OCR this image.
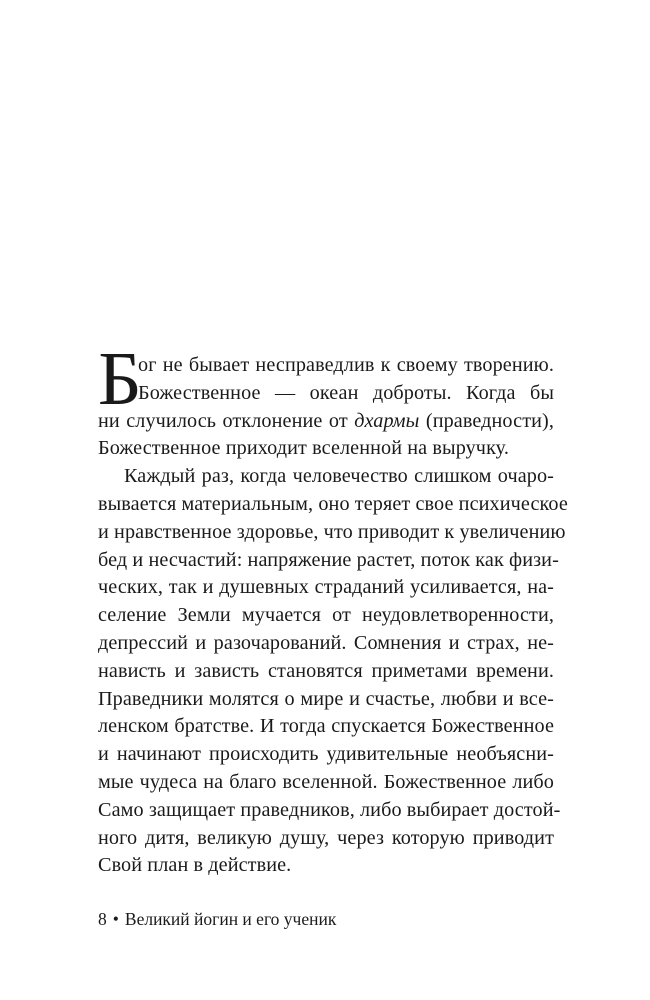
Б
ог не бывает несправедлив к своему творению.
Божественное — океан доброты. Когда бы
ни случилось отклонение от дхармы (праведности),
Божественное приходит вселенной на выручку.
Каждый раз, когда человечество слишком очаро-
вывается материальным, оно теряет свое психическое
и нравственное здоровье, что приводит к увеличению
бед и несчастий: напряжение растет, поток как физи-
ческих, так и душевных страданий усиливается, на-
селение Земли мучается от неудовлетворенности,
депрессий и разочарований. Сомнения и страх, не-
нависть и зависть становятся приметами времени.
Праведники молятся о мире и счастье, любви и все-
ленском братстве. И тогда спускается Божественное
и начинают происходить удивительные необъясни-
мые чудеса на благо вселенной. Божественное либо
Само защищает праведников, либо выбирает достой-
ного дитя, великую душу, через которую приводит
Свой план в действие.
8 • Великий йогин и его ученик
